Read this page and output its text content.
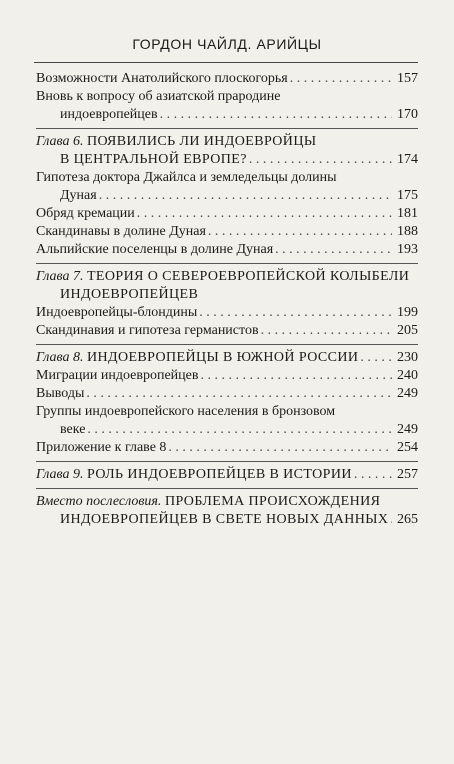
ГОРДОН ЧАЙЛД. АРИЙЦЫ
Возможности Анатолийского плоскогорья . . .	157
Вновь к вопросу об азиатской прародине
индоевропейцев . . .	170
Глава 6. ПОЯВИЛИСЬ ЛИ ИНДОЕВРОЙЦЫ
В ЦЕНТРАЛЬНОЙ ЕВРОПЕ? . . .	174
Гипотеза доктора Джайлса и земледельцы долины
Дуная . . .	175
Обряд кремации . . .	181
Скандинавы в долине Дуная . . .	188
Альпийские поселенцы в долине Дуная . . .	193
Глава 7. ТЕОРИЯ О СЕВЕРОЕВРОПЕЙСКОЙ КОЛЫБЕЛИ
ИНДОЕВРОПЕЙЦЕВ
Индоевропейцы-блондины . . .	199
Скандинавия и гипотеза германистов . . .	205
Глава 8. ИНДОЕВРОПЕЙЦЫ В ЮЖНОЙ РОССИИ . . .	230
Миграции индоевропейцев . . .	240
Выводы . . .	249
Группы индоевропейского населения в бронзовом
веке . . .	249
Приложение к главе 8 . . .	254
Глава 9. РОЛЬ ИНДОЕВРОПЕЙЦЕВ В ИСТОРИИ . . .	257
Вместо послесловия. ПРОБЛЕМА ПРОИСХОЖДЕНИЯ
ИНДОЕВРОПЕЙЦЕВ В СВЕТЕ НОВЫХ ДАННЫХ . . . 265
